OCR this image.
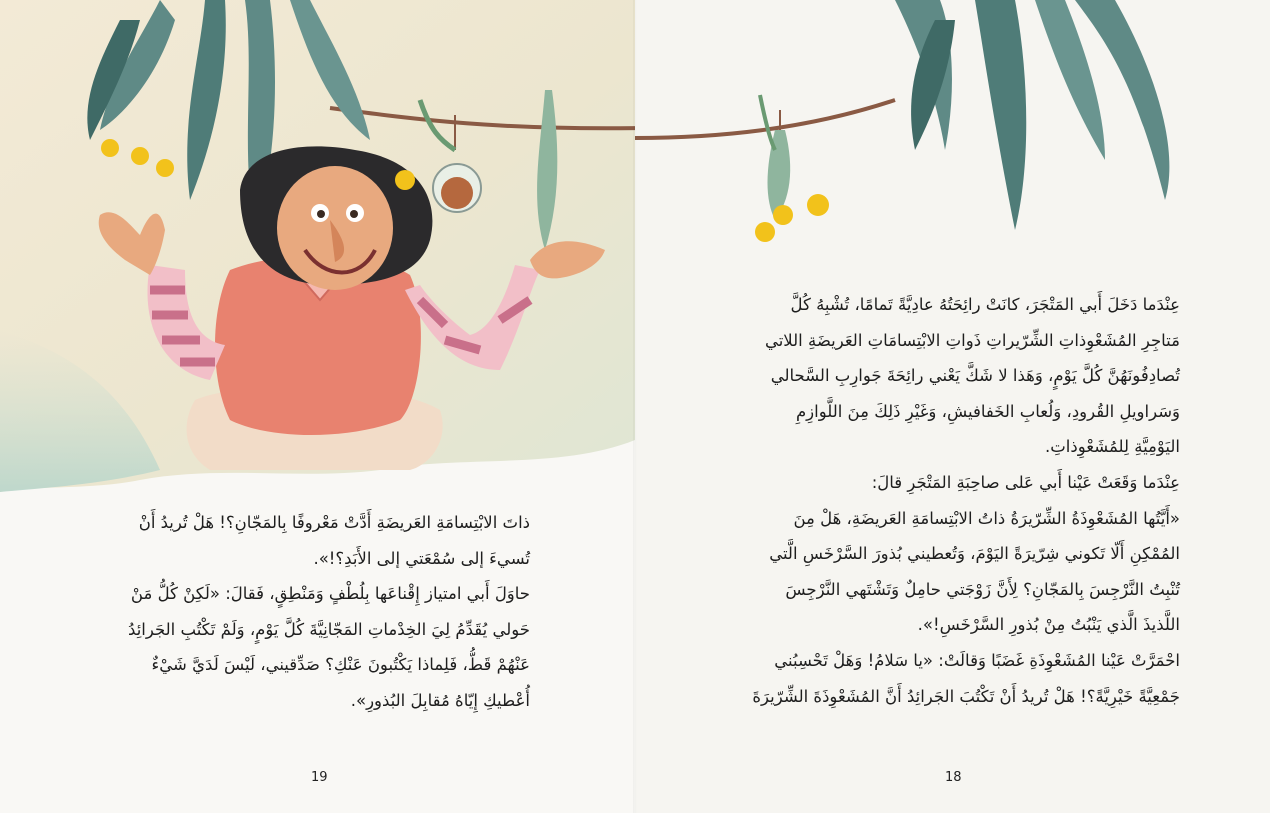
ذاتَ الابْتِسامَةِ العَريضَةِ أَدَّتْ مَعْروفًا بِالمَجّانِ؟! هَلْ تُريدُ أَنْ

تُسيءَ إلى سُمْعَتي إلى الأَبَدِ؟!».

حاوَلَ أَبي امتياز إِقْناعَها بِلُطْفٍ وَمَنْطِقٍ، فَقالَ: «لَكِنْ كُلُّ مَنْ

حَولي يُقَدِّمُ لِيَ الخِدْماتِ المَجّانِيَّةَ كُلَّ يَوْمٍ، وَلَمْ تَكْتُبِ الجَرائِدُ

عَنْهُمْ قَطُّ، فَلِماذا يَكْتُبونَ عَنْكِ؟ صَدِّقيني، لَيْسَ لَدَيَّ شَيْءٌ

أُعْطيكِ إِيّاهُ مُقابِلَ البُذورِ».

19

عِنْدَما دَخَلَ أَبي المَتْجَرَ، كانَتْ رائِحَتُهُ عادِيَّةً تَمامًا، تُشْبِهُ كُلَّ

مَتاجِرِ المُشَعْوِذاتِ الشِّرّيراتِ ذَواتِ الابْتِسامَاتِ العَريضَةِ اللاتي

تُصادِفُونَهُنَّ كُلَّ يَوْمٍ، وَهَذا لا شَكَّ يَعْني رائِحَةَ جَوارِبِ السَّحالي

وَسَراويلِ القُرودِ، وَلُعابِ الخَفافيشِ، وَغَيْرِ ذَلِكَ مِنَ اللَّوازِمِ

اليَوْمِيَّةِ لِلمُشَعْوِذاتِ.

عِنْدَما وَقَعَتْ عَيْنا أَبي عَلى صاحِبَةِ المَتْجَرِ قالَ:

«أَيَّتُها المُشَعْوِذَةُ الشِّرّيرَةُ ذاتُ الابْتِسامَةِ العَريضَةِ، هَلْ مِنَ

المُمْكِنِ أَلّا تَكوني شِرّيرَةً اليَوْمَ، وَتُعطيني بُذورَ السَّرْخَسِ الَّتي

تُنْبِتُ النَّرْجِسَ بِالمَجّانِ؟ لِأَنَّ زَوْجَتي حامِلٌ وَتَشْتَهي النَّرْجِسَ

اللَّذيذَ الَّذي يَنْبُتُ مِنْ بُذورِ السَّرْخَسِ!».

احْمَرَّتْ عَيْنا المُشَعْوِذَةِ غَضَبًا وَقالَتْ: «يا سَلامُ! وَهَلْ تَحْسِبُني

جَمْعِيَّةً خَيْرِيَّةً؟! هَلْ تُريدُ أَنْ تَكْتُبَ الجَرائِدُ أَنَّ المُشَعْوِذَةَ الشِّرّيرَةَ

18
